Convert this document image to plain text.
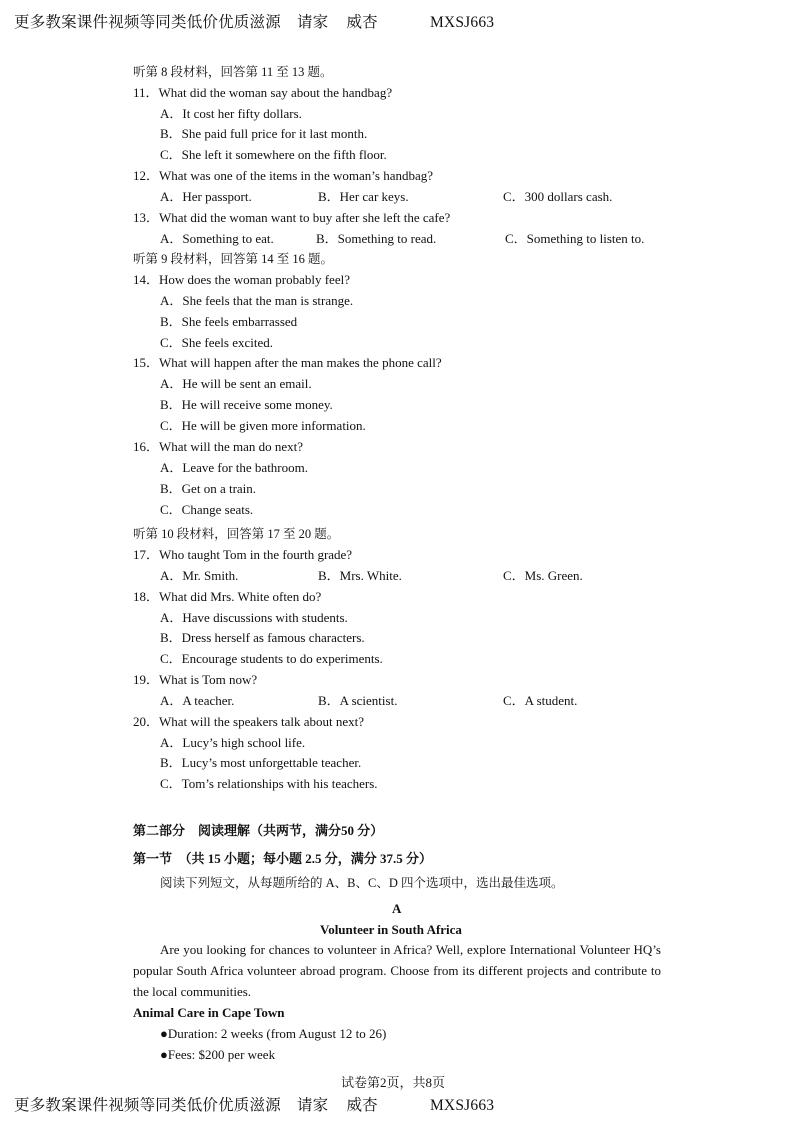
更多教案课件视频等同类低价优质滋源 请家 威杏	MXSJ663
听第 8 段材料，回答第 11 至 13 题。
11．What did the woman say about the handbag?
A．It cost her fifty dollars.
B．She paid full price for it last month.
C．She left it somewhere on the fifth floor.
12．What was one of the items in the woman’s handbag?
A．Her passport.	B．Her car keys.	C．300 dollars cash.
13．What did the woman want to buy after she left the cafe?
A．Something to eat.	B．Something to read.	C．Something to listen to.
听第 9 段材料，回答第 14 至 16 题。
14．How does the woman probably feel?
A．She feels that the man is strange.
B．She feels embarrassed
C．She feels excited.
15．What will happen after the man makes the phone call?
A．He will be sent an email.
B．He will receive some money.
C．He will be given more information.
16．What will the man do next?
A．Leave for the bathroom.
B．Get on a train.
C．Change seats.
听第 10 段材料，回答第 17 至 20 题。
17．Who taught Tom in the fourth grade?
A．Mr. Smith.	B．Mrs. White.	C．Ms. Green.
18．What did Mrs. White often do?
A．Have discussions with students.
B．Dress herself as famous characters.
C．Encourage students to do experiments.
19．What is Tom now?
A．A teacher.	B．A scientist.	C．A student.
20．What will the speakers talk about next?
A．Lucy’s high school life.
B．Lucy’s most unforgettable teacher.
C．Tom’s relationships with his teachers.
第二部分　阅读理解（共两节，满分50 分）
第一节　（共 15 小题；每小题 2.5 分，满分 37.5 分）
阅读下列短文，从每题所给的 A、B、C、D 四个选项中，选出最佳选项。
A
Volunteer in South Africa
Are you looking for chances to volunteer in Africa? Well, explore International Volunteer HQ’s popular South Africa volunteer abroad program. Choose from its different projects and contribute to the local communities.
Animal Care in Cape Town
●Duration: 2 weeks (from August 12 to 26)
●Fees: $200 per week
试卷第2页，共8页
更多教案课件视频等同类低价优质滋源 请家 威杏	MXSJ663
